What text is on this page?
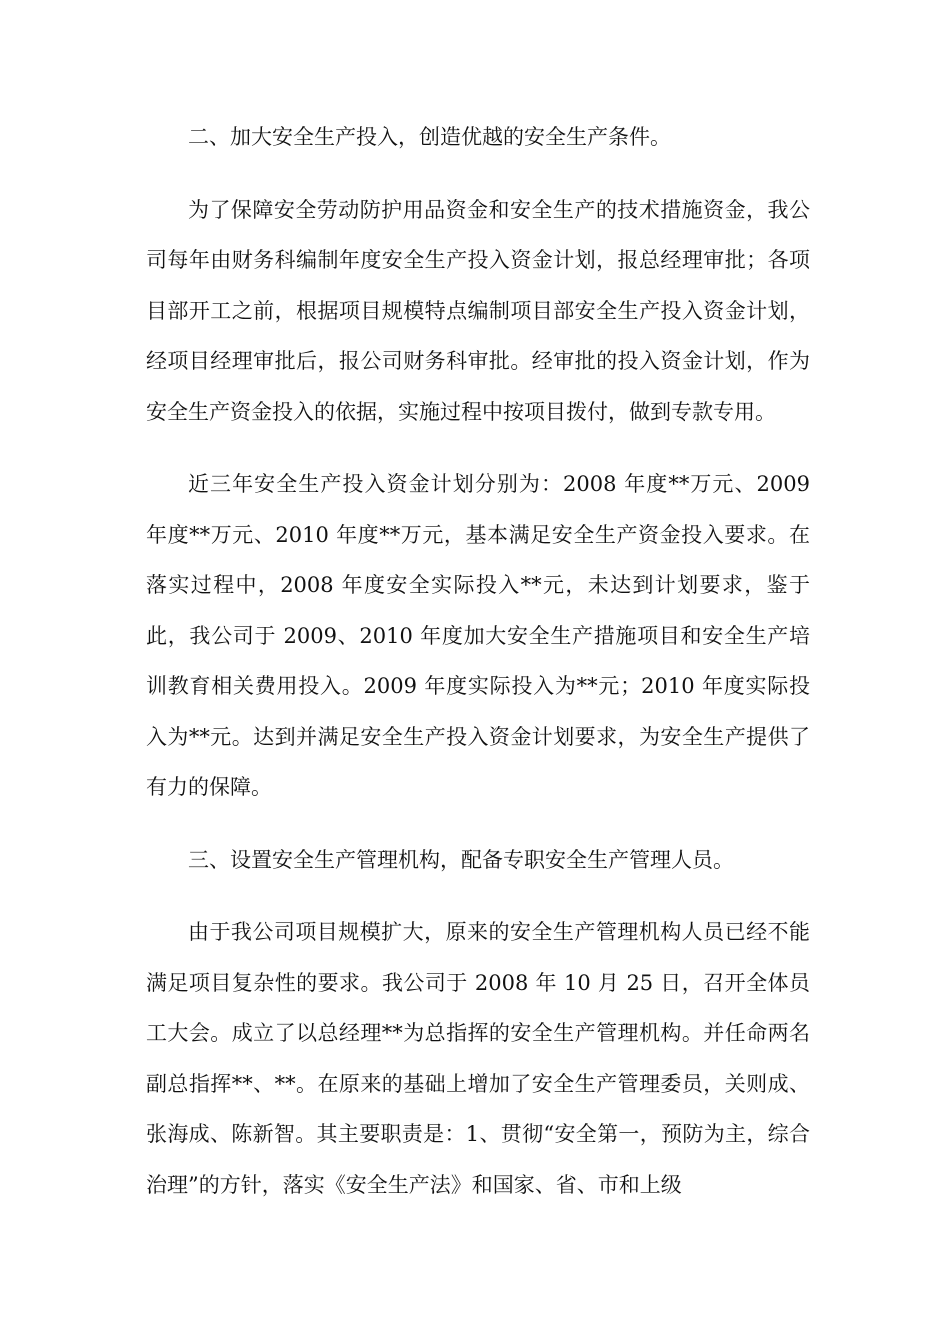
二、加大安全生产投入，创造优越的安全生产条件。

为了保障安全劳动防护用品资金和安全生产的技术措施资金，我公司每年由财务科编制年度安全生产投入资金计划，报总经理审批；各项目部开工之前，根据项目规模特点编制项目部安全生产投入资金计划，经项目经理审批后，报公司财务科审批。经审批的投入资金计划，作为安全生产资金投入的依据，实施过程中按项目拨付，做到专款专用。

近三年安全生产投入资金计划分别为：2008 年度**万元、2009 年度**万元、2010 年度**万元，基本满足安全生产资金投入要求。在落实过程中，2008 年度安全实际投入**元，未达到计划要求，鉴于此，我公司于 2009、2010 年度加大安全生产措施项目和安全生产培训教育相关费用投入。2009 年度实际投入为**元；2010 年度实际投入为**元。达到并满足安全生产投入资金计划要求，为安全生产提供了有力的保障。

三、设置安全生产管理机构，配备专职安全生产管理人员。

由于我公司项目规模扩大，原来的安全生产管理机构人员已经不能满足项目复杂性的要求。我公司于 2008 年 10 月 25 日，召开全体员工大会。成立了以总经理**为总指挥的安全生产管理机构。并任命两名副总指挥**、**。在原来的基础上增加了安全生产管理委员，关则成、张海成、陈新智。其主要职责是：1、贯彻“安全第一，预防为主，综合治理”的方针，落实《安全生产法》和国家、省、市和上级
